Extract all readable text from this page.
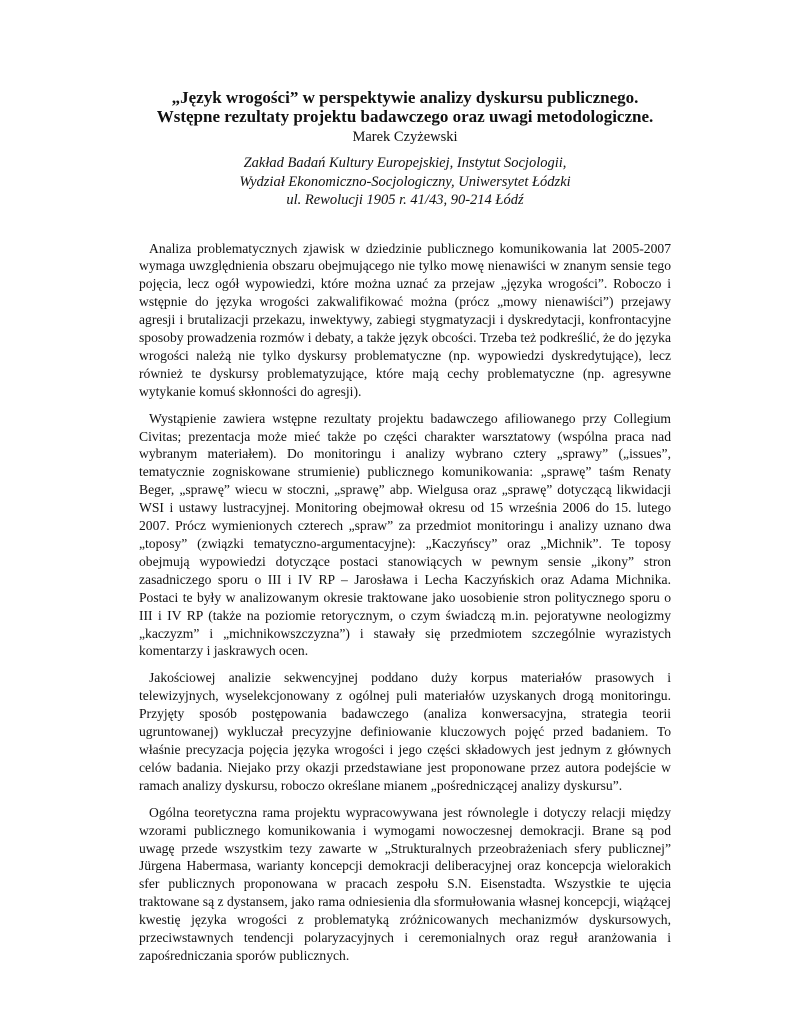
„Język wrogości” w perspektywie analizy dyskursu publicznego.
Wstępne rezultaty projektu badawczego oraz uwagi metodologiczne.

Marek Czyżewski

Zakład Badań Kultury Europejskiej, Instytut Socjologii,
Wydział Ekonomiczno-Socjologiczny, Uniwersytet Łódzki
ul. Rewolucji 1905 r. 41/43, 90-214 Łódź

Analiza problematycznych zjawisk w dziedzinie publicznego komunikowania lat 2005-2007 wymaga uwzględnienia obszaru obejmującego nie tylko mowę nienawiści w znanym sensie tego pojęcia, lecz ogół wypowiedzi, które można uznać za przejaw „języka wrogości”. Roboczo i wstępnie do języka wrogości zakwalifikować można (prócz „mowy nienawiści”) przejawy agresji i brutalizacji przekazu, inwektywy, zabiegi stygmatyzacji i dyskredytacji, konfrontacyjne sposoby prowadzenia rozmów i debaty, a także język obcości. Trzeba też podkreślić, że do języka wrogości należą nie tylko dyskursy problematyczne (np. wypowiedzi dyskredytujące), lecz również te dyskursy problematyzujące, które mają cechy problematyczne (np. agresywne wytykanie komuś skłonności do agresji).

Wystąpienie zawiera wstępne rezultaty projektu badawczego afiliowanego przy Collegium Civitas; prezentacja może mieć także po części charakter warsztatowy (wspólna praca nad wybranym materiałem). Do monitoringu i analizy wybrano cztery „sprawy” („issues”, tematycznie zogniskowane strumienie) publicznego komunikowania: „sprawę” taśm Renaty Beger, „sprawę” wiecu w stoczni, „sprawę” abp. Wielgusa oraz „sprawę” dotyczącą likwidacji WSI i ustawy lustracyjnej. Monitoring obejmował okresu od 15 września 2006 do 15. lutego 2007. Prócz wymienionych czterech „spraw” za przedmiot monitoringu i analizy uznano dwa „toposy” (związki tematyczno-argumentacyjne): „Kaczyńscy” oraz „Michnik”. Te toposy obejmują wypowiedzi dotyczące postaci stanowiących w pewnym sensie „ikony” stron zasadniczego sporu o III i IV RP – Jarosława i Lecha Kaczyńskich oraz Adama Michnika. Postaci te były w analizowanym okresie traktowane jako uosobienie stron politycznego sporu o III i IV RP (także na poziomie retorycznym, o czym świadczą m.in. pejoratywne neologizmy „kaczyzm” i „michnikowszczyzna”) i stawały się przedmiotem szczególnie wyrazistych komentarzy i jaskrawych ocen.

Jakościowej analizie sekwencyjnej poddano duży korpus materiałów prasowych i telewizyjnych, wyselekcjonowany z ogólnej puli materiałów uzyskanych drogą monitoringu. Przyjęty sposób postępowania badawczego (analiza konwersacyjna, strategia teorii ugruntowanej) wykluczał precyzyjne definiowanie kluczowych pojęć przed badaniem. To właśnie precyzacja pojęcia języka wrogości i jego części składowych jest jednym z głównych celów badania. Niejako przy okazji przedstawiane jest proponowane przez autora podejście w ramach analizy dyskursu, roboczo określane mianem „pośredniczącej analizy dyskursu”.

Ogólna teoretyczna rama projektu wypracowywana jest równolegle i dotyczy relacji między wzorami publicznego komunikowania i wymogami nowoczesnej demokracji. Brane są pod uwagę przede wszystkim tezy zawarte w „Strukturalnych przeobrażeniach sfery publicznej” Jürgena Habermasa, warianty koncepcji demokracji deliberacyjnej oraz koncepcja wielorakich sfer publicznych proponowana w pracach zespołu S.N. Eisenstadta. Wszystkie te ujęcia traktowane są z dystansem, jako rama odniesienia dla sformułowania własnej koncepcji, wiążącej kwestię języka wrogości z problematyką zróżnicowanych mechanizmów dyskursowych, przeciwstawnych tendencji polaryzacyjnych i ceremonialnych oraz reguł aranżowania i zapośredniczania sporów publicznych.
